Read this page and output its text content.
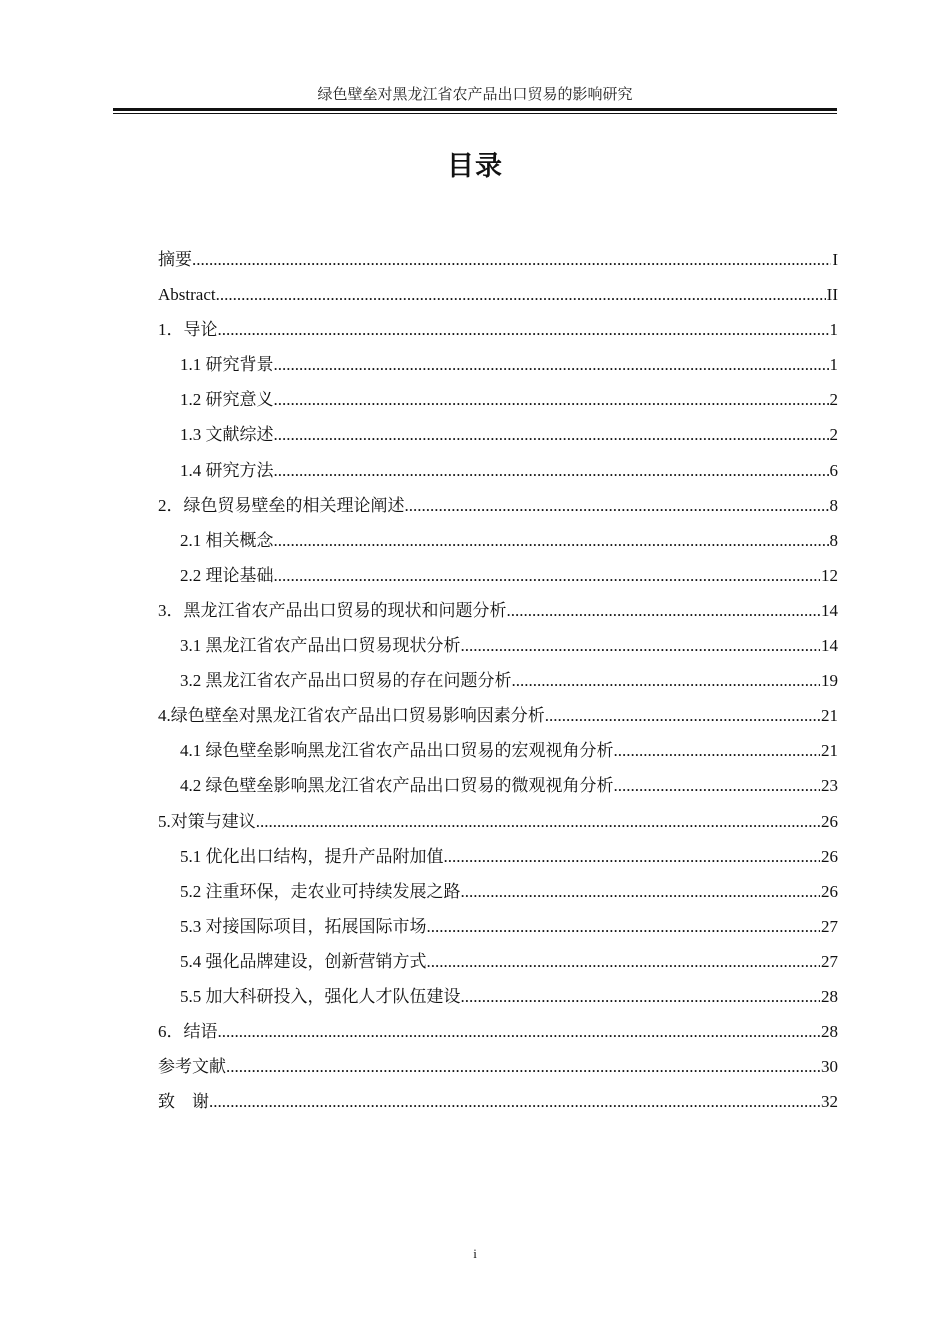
绿色壁垒对黑龙江省农产品出口贸易的影响研究
目录
摘要 .....	I
Abstract .....	II
1．导论 .....	1
1.1 研究背景 .....	1
1.2 研究意义 .....	2
1.3 文献综述 .....	2
1.4 研究方法 .....	6
2．绿色贸易壁垒的相关理论阐述 .....	8
2.1 相关概念 .....	8
2.2 理论基础 .....	12
3．黑龙江省农产品出口贸易的现状和问题分析 .....	14
3.1 黑龙江省农产品出口贸易现状分析 .....	14
3.2 黑龙江省农产品出口贸易的存在问题分析 .....	19
4.绿色壁垒对黑龙江省农产品出口贸易影响因素分析 .....	21
4.1 绿色壁垒影响黑龙江省农产品出口贸易的宏观视角分析 .....	21
4.2 绿色壁垒影响黑龙江省农产品出口贸易的微观视角分析 .....	23
5.对策与建议 .....	26
5.1 优化出口结构，提升产品附加值 .....	26
5.2 注重环保，走农业可持续发展之路 .....	26
5.3 对接国际项目，拓展国际市场 .....	27
5.4 强化品牌建设，创新营销方式 .....	27
5.5 加大科研投入，强化人才队伍建设 .....	28
6．结语 .....	28
参考文献 .....	30
致　谢 .....	32
i
